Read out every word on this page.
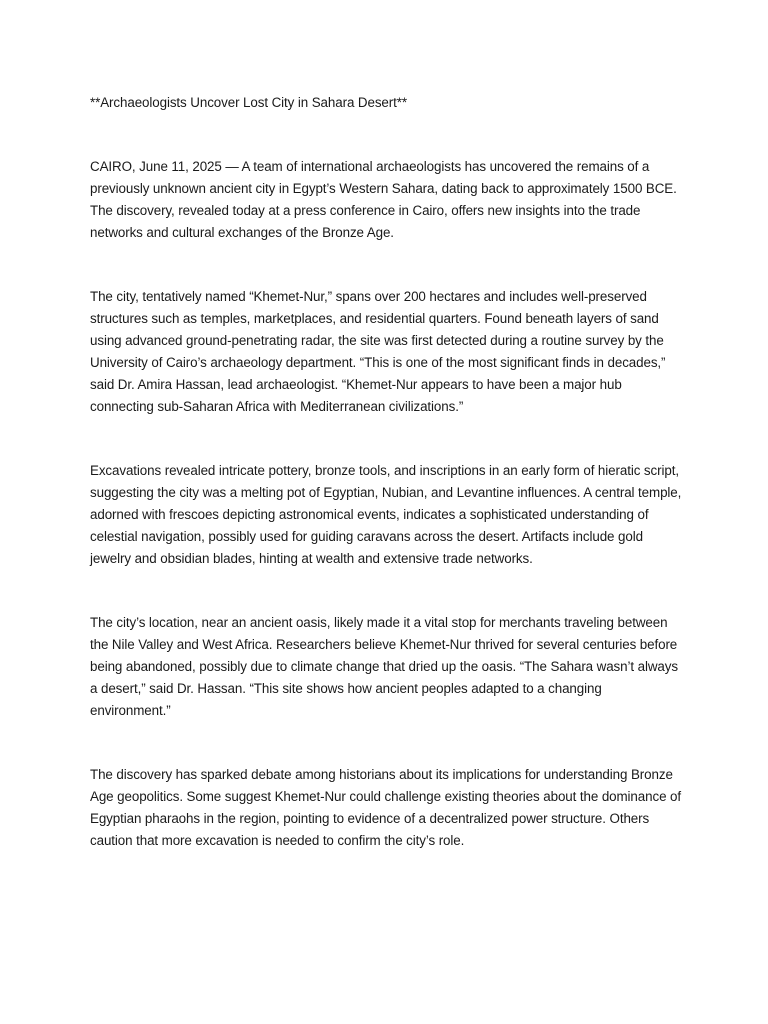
**Archaeologists Uncover Lost City in Sahara Desert**

CAIRO, June 11, 2025 — A team of international archaeologists has uncovered the remains of a previously unknown ancient city in Egypt’s Western Sahara, dating back to approximately 1500 BCE. The discovery, revealed today at a press conference in Cairo, offers new insights into the trade networks and cultural exchanges of the Bronze Age.

The city, tentatively named “Khemet-Nur,” spans over 200 hectares and includes well-preserved structures such as temples, marketplaces, and residential quarters. Found beneath layers of sand using advanced ground-penetrating radar, the site was first detected during a routine survey by the University of Cairo’s archaeology department. “This is one of the most significant finds in decades,” said Dr. Amira Hassan, lead archaeologist. “Khemet-Nur appears to have been a major hub connecting sub-Saharan Africa with Mediterranean civilizations.”

Excavations revealed intricate pottery, bronze tools, and inscriptions in an early form of hieratic script, suggesting the city was a melting pot of Egyptian, Nubian, and Levantine influences. A central temple, adorned with frescoes depicting astronomical events, indicates a sophisticated understanding of celestial navigation, possibly used for guiding caravans across the desert. Artifacts include gold jewelry and obsidian blades, hinting at wealth and extensive trade networks.

The city’s location, near an ancient oasis, likely made it a vital stop for merchants traveling between the Nile Valley and West Africa. Researchers believe Khemet-Nur thrived for several centuries before being abandoned, possibly due to climate change that dried up the oasis. “The Sahara wasn’t always a desert,” said Dr. Hassan. “This site shows how ancient peoples adapted to a changing environment.”

The discovery has sparked debate among historians about its implications for understanding Bronze Age geopolitics. Some suggest Khemet-Nur could challenge existing theories about the dominance of Egyptian pharaohs in the region, pointing to evidence of a decentralized power structure. Others caution that more excavation is needed to confirm the city’s role.
